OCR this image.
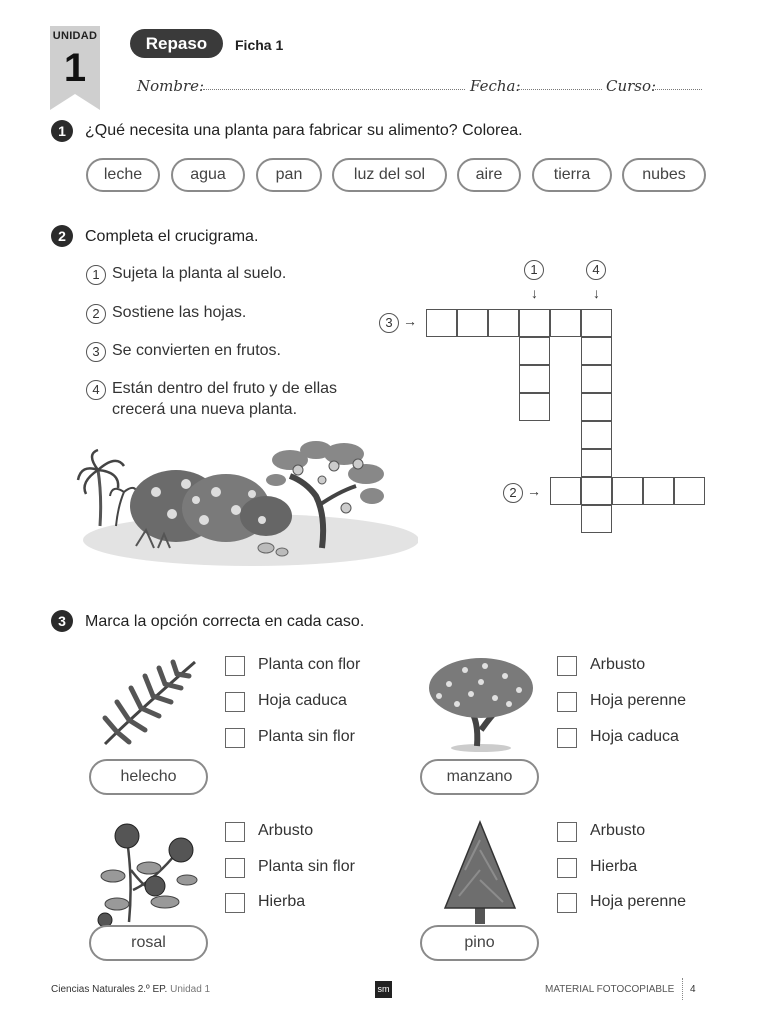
UNIDAD
1
Repaso	Ficha 1
Nombre:	Fecha:	Curso:
1	¿Qué necesita una planta para fabricar su alimento? Colorea.
leche	agua	pan	luz del sol	aire	tierra	nubes
2	Completa el crucigrama.
1 Sujeta la planta al suelo.
2 Sostiene las hojas.
3 Se convierten en frutos.
4 Están dentro del fruto y de ellas
crecerá una nueva planta.
1
↓
4
↓
3 →
2 →
3	Marca la opción correcta en cada caso.
Planta con flor
Hoja caduca
Planta sin flor
helecho
Arbusto
Hoja perenne
Hoja caduca
manzano
Arbusto
Planta sin flor
Hierba
rosal
Arbusto
Hierba
Hoja perenne
pino
Ciencias Naturales 2.º EP. Unidad 1	sm	MATERIAL FOTOCOPIABLE 4
